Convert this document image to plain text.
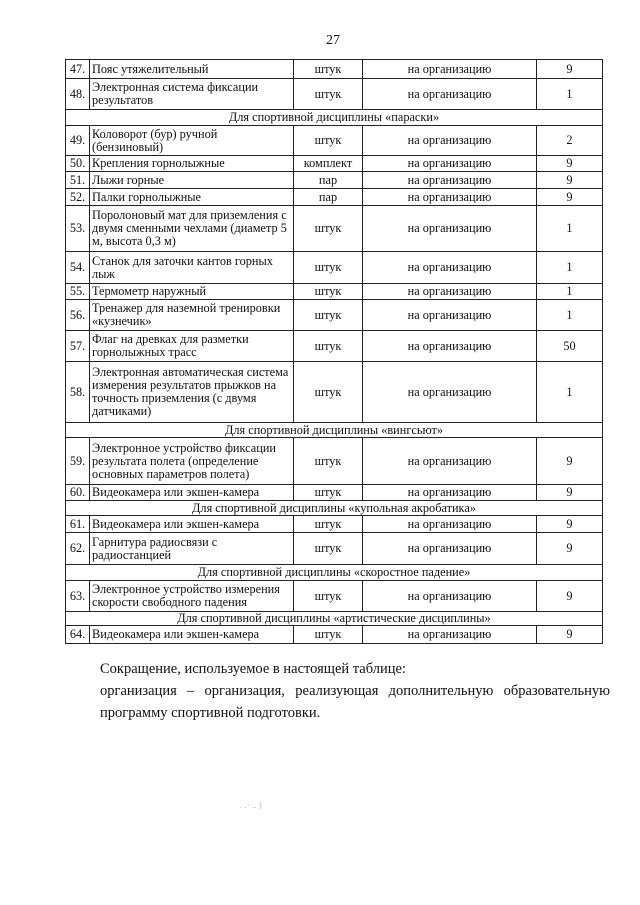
27
47.	Пояс утяжелительный	штук	на организацию	9
48.	Электронная система фиксации результатов	штук	на организацию	1
Для спортивной дисциплины «параски»				
49.	Коловорот (бур) ручной (бензиновый)	штук	на организацию	2
50.	Крепления горнолыжные	комплект	на организацию	9
51.	Лыжи горные	пар	на организацию	9
52.	Палки горнолыжные	пар	на организацию	9
53.	Поролоновый мат для приземления с двумя сменными чехлами (диаметр 5 м, высота 0,3 м)	штук	на организацию	1
54.	Станок для заточки кантов горных лыж	штук	на организацию	1
55.	Термометр наружный	штук	на организацию	1
56.	Тренажер для наземной тренировки «кузнечик»	штук	на организацию	1
57.	Флаг на древках для разметки горнолыжных трасс	штук	на организацию	50
58.	Электронная автоматическая система измерения результатов прыжков на точность приземления (с двумя датчиками)	штук	на организацию	1
Для спортивной дисциплины «вингсьют»				
59.	Электронное устройство фиксации результата полета (определение основных параметров полета)	штук	на организацию	9
60.	Видеокамера или экшен-камера	штук	на организацию	9
Для спортивной дисциплины «купольная акробатика»				
61.	Видеокамера или экшен-камера	штук	на организацию	9
62.	Гарнитура радиосвязи с радиостанцией	штук	на организацию	9
Для спортивной дисциплины «скоростное падение»				
63.	Электронное устройство измерения скорости свободного падения	штук	на организацию	9
Для спортивной дисциплины «артистические дисциплины»				
64.	Видеокамера или экшен-камера	штук	на организацию	9
Сокращение, используемое в настоящей таблице:
организация – организация, реализующая дополнительную образовательную
программу спортивной подготовки.
. .· .. )
